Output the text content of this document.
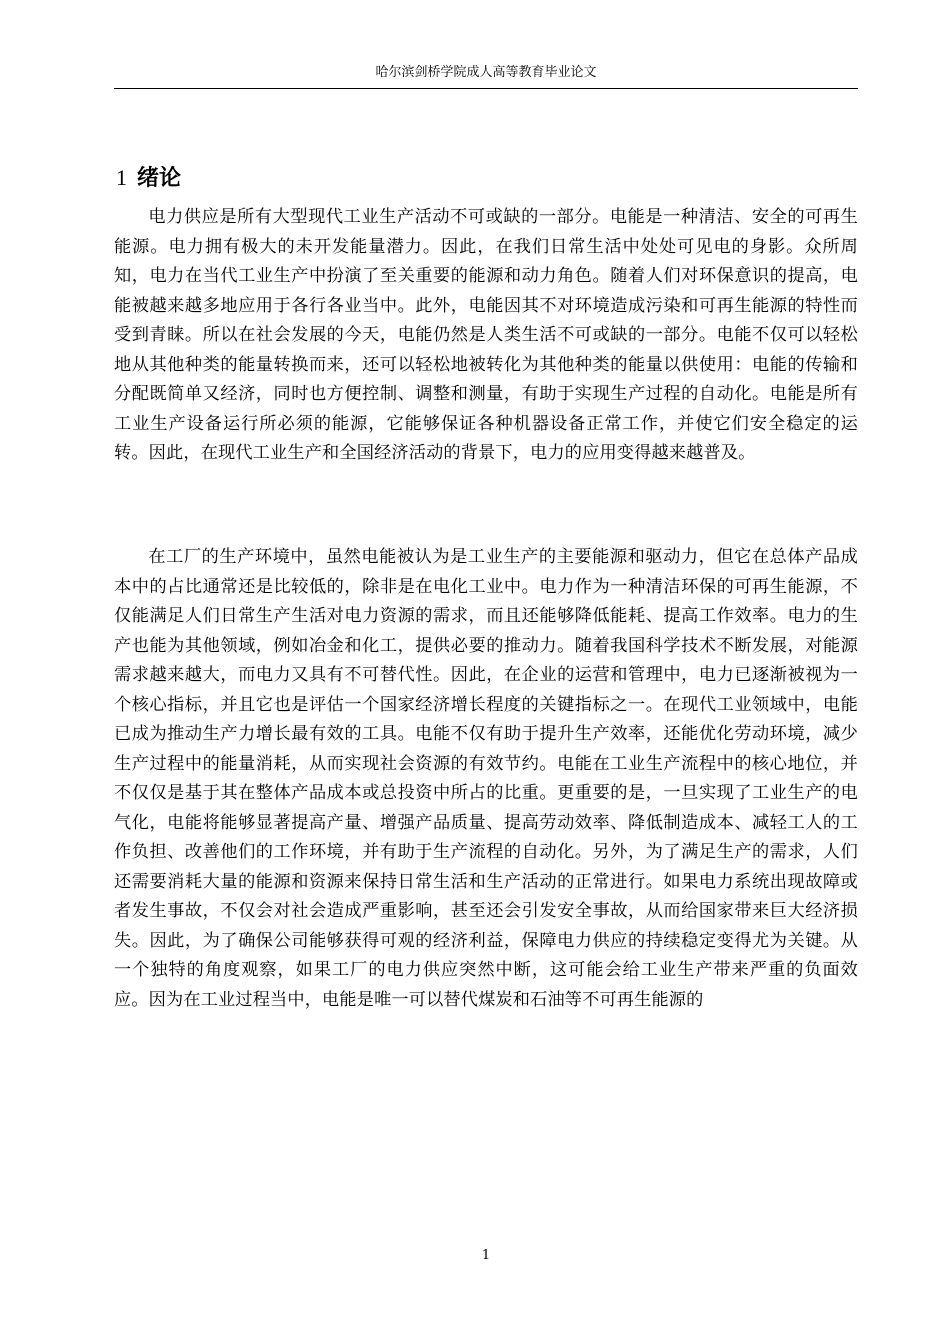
哈尔滨剑桥学院成人高等教育毕业论文
1 绪论

电力供应是所有大型现代工业生产活动不可或缺的一部分。电能是一种清洁、安全的可再生能源。电力拥有极大的未开发能量潜力。因此，在我们日常生活中处处可见电的身影。众所周知，电力在当代工业生产中扮演了至关重要的能源和动力角色。随着人们对环保意识的提高，电能被越来越多地应用于各行各业当中。此外，电能因其不对环境造成污染和可再生能源的特性而受到青睐。所以在社会发展的今天，电能仍然是人类生活不可或缺的一部分。电能不仅可以轻松地从其他种类的能量转换而来，还可以轻松地被转化为其他种类的能量以供使用：电能的传输和分配既简单又经济，同时也方便控制、调整和测量，有助于实现生产过程的自动化。电能是所有工业生产设备运行所必须的能源，它能够保证各种机器设备正常工作，并使它们安全稳定的运转。因此，在现代工业生产和全国经济活动的背景下，电力的应用变得越来越普及。

在工厂的生产环境中，虽然电能被认为是工业生产的主要能源和驱动力，但它在总体产品成本中的占比通常还是比较低的，除非是在电化工业中。电力作为一种清洁环保的可再生能源，不仅能满足人们日常生产生活对电力资源的需求，而且还能够降低能耗、提高工作效率。电力的生产也能为其他领域，例如冶金和化工，提供必要的推动力。随着我国科学技术不断发展，对能源需求越来越大，而电力又具有不可替代性。因此，在企业的运营和管理中，电力已逐渐被视为一个核心指标，并且它也是评估一个国家经济增长程度的关键指标之一。在现代工业领域中，电能已成为推动生产力增长最有效的工具。电能不仅有助于提升生产效率，还能优化劳动环境，减少生产过程中的能量消耗，从而实现社会资源的有效节约。电能在工业生产流程中的核心地位，并不仅仅是基于其在整体产品成本或总投资中所占的比重。更重要的是，一旦实现了工业生产的电气化，电能将能够显著提高产量、增强产品质量、提高劳动效率、降低制造成本、减轻工人的工作负担、改善他们的工作环境，并有助于生产流程的自动化。另外，为了满足生产的需求，人们还需要消耗大量的能源和资源来保持日常生活和生产活动的正常进行。如果电力系统出现故障或者发生事故，不仅会对社会造成严重影响，甚至还会引发安全事故，从而给国家带来巨大经济损失。因此，为了确保公司能够获得可观的经济利益，保障电力供应的持续稳定变得尤为关键。从一个独特的角度观察，如果工厂的电力供应突然中断，这可能会给工业生产带来严重的负面效应。因为在工业过程当中，电能是唯一可以替代煤炭和石油等不可再生能源的

1
